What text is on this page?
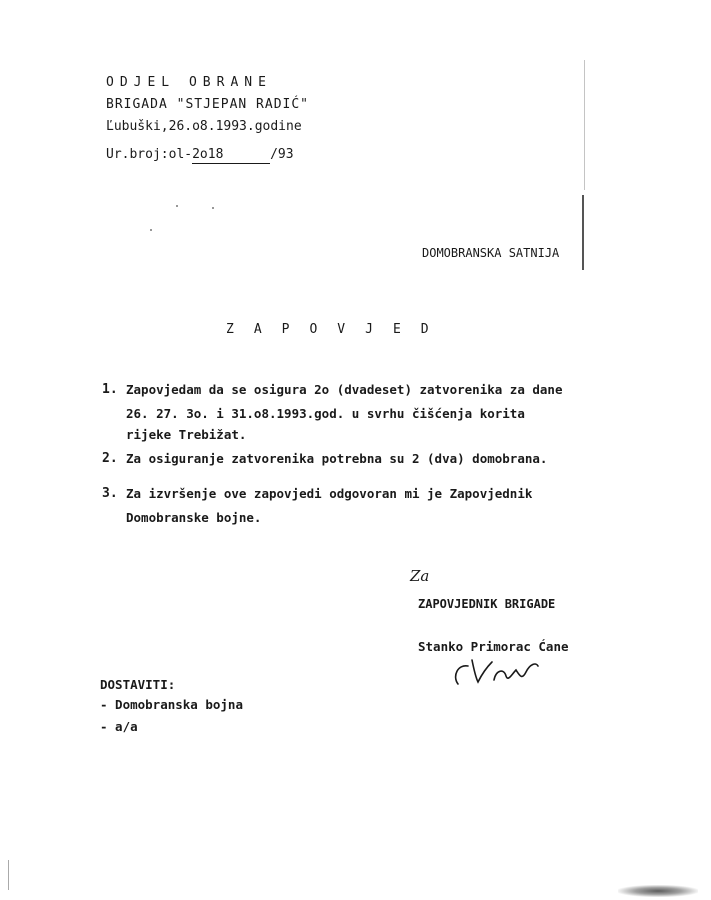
ODJEL OBRANE
BRIGADA "STJEPAN RADIĆ"
Ľubuški,26.o8.1993.godine
Ur.broj:ol-2o18	/93
DOMOBRANSKA SATNIJA
ZAPOVJED
1. Zapovjedam da se osigura 2o (dvadeset) zatvorenika za dane
26. 27. 3o. i 31.o8.1993.god. u svrhu čišćenja korita
rijeke Trebižat.
2. Za osiguranje zatvorenika potrebna su 2 (dva) domobrana.
3. Za izvršenje ove zapovjedi odgovoran mi je Zapovjednik
Domobranske bojne.
Za
ZAPOVJEDNIK BRIGADE
Stanko Primorac Ćane
DOSTAVITI:
- Domobranska bojna
- a/a
